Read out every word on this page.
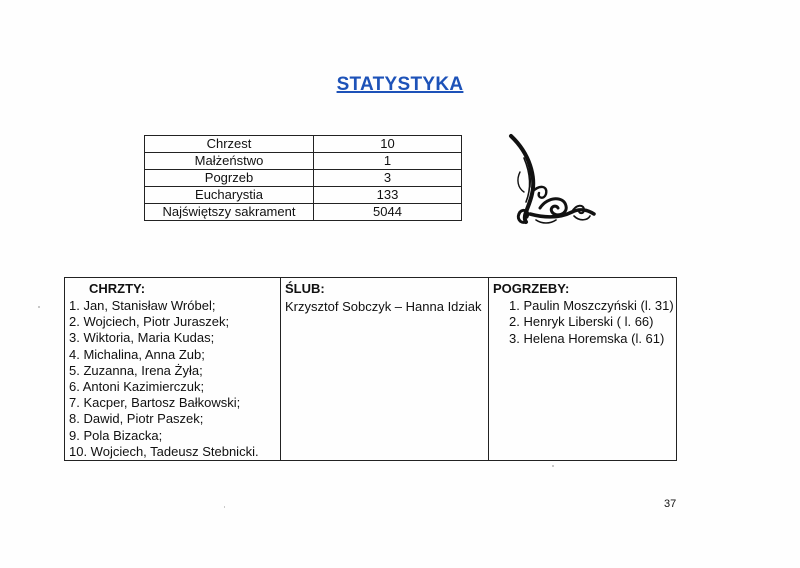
STATYSTYKA
Chrzest	10
Małżeństwo	1
Pogrzeb	3
Eucharystia	133
Najświętszy sakrament	5044
CHRZTY:
1. Jan, Stanisław Wróbel;
2. Wojciech, Piotr Juraszek;
3. Wiktoria, Maria Kudas;
4. Michalina, Anna Zub;
5. Zuzanna, Irena Żyła;
6. Antoni Kazimierczuk;
7. Kacper, Bartosz Bałkowski;
8. Dawid, Piotr Paszek;
9. Pola Bizacka;
10. Wojciech, Tadeusz Stebnicki.

ŚLUB:
Krzysztof Sobczyk – Hanna Idziak

POGRZEBY:
1. Paulin Moszczyński (l. 31)
2. Henryk Liberski ( l. 66)
3. Helena Horemska (l. 61)
37
